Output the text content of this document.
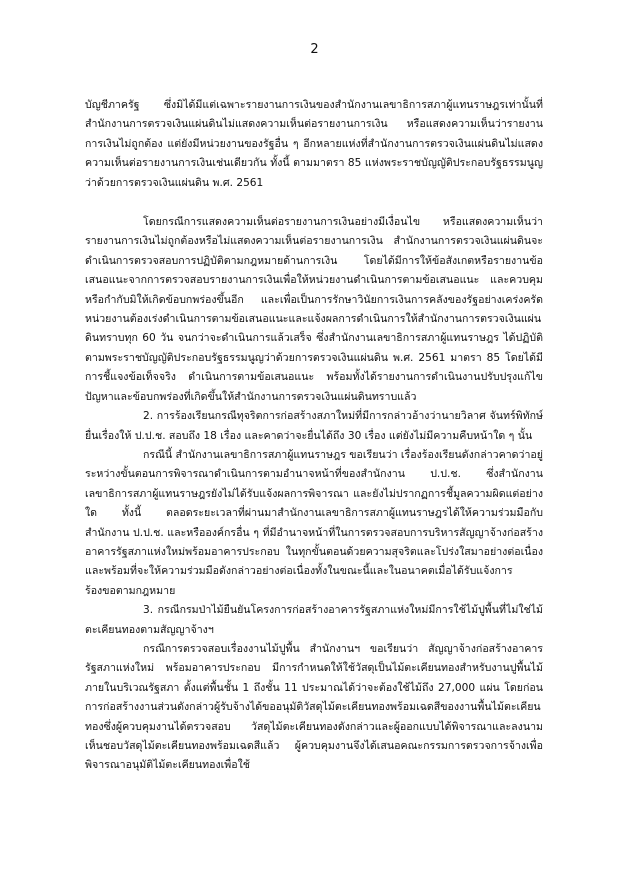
2

บัญชีภาครัฐ ซึ่งมิได้มีแต่เฉพาะรายงานการเงินของสำนักงานเลขาธิการสภาผู้แทนราษฎรเท่านั้นที่สำนักงานการตรวจเงินแผ่นดินไม่แสดงความเห็นต่อรายงานการเงิน หรือแสดงความเห็นว่ารายงานการเงินไม่ถูกต้อง แต่ยังมีหน่วยงานของรัฐอื่น ๆ อีกหลายแห่งที่สำนักงานการตรวจเงินแผ่นดินไม่แสดงความเห็นต่อรายงานการเงินเช่นเดียวกัน ทั้งนี้ ตามมาตรา 85 แห่งพระราชบัญญัติประกอบรัฐธรรมนูญว่าด้วยการตรวจเงินแผ่นดิน พ.ศ. 2561

โดยกรณีการแสดงความเห็นต่อรายงานการเงินอย่างมีเงื่อนไข หรือแสดงความเห็นว่ารายงานการเงินไม่ถูกต้องหรือไม่แสดงความเห็นต่อรายงานการเงิน สำนักงานการตรวจเงินแผ่นดินจะดำเนินการตรวจสอบการปฏิบัติตามกฎหมายด้านการเงิน โดยได้มีการให้ข้อสังเกตหรือรายงานข้อเสนอแนะจากการตรวจสอบรายงานการเงินเพื่อให้หน่วยงานดำเนินการตามข้อเสนอแนะ และควบคุมหรือกำกับมิให้เกิดข้อบกพร่องขึ้นอีก และเพื่อเป็นการรักษาวินัยการเงินการคลังของรัฐอย่างเคร่งครัด หน่วยงานต้องเร่งดำเนินการตามข้อเสนอแนะและแจ้งผลการดำเนินการให้สำนักงานการตรวจเงินแผ่นดินทราบทุก 60 วัน จนกว่าจะดำเนินการแล้วเสร็จ ซึ่งสำนักงานเลขาธิการสภาผู้แทนราษฎร ได้ปฏิบัติตามพระราชบัญญัติประกอบรัฐธรรมนูญว่าด้วยการตรวจเงินแผ่นดิน พ.ศ. 2561 มาตรา 85 โดยได้มีการชี้แจงข้อเท็จจริง ดำเนินการตามข้อเสนอแนะ พร้อมทั้งได้รายงานการดำเนินงานปรับปรุงแก้ไขปัญหาและข้อบกพร่องที่เกิดขึ้นให้สำนักงานการตรวจเงินแผ่นดินทราบแล้ว

2. การร้องเรียนกรณีทุจริตการก่อสร้างสภาใหม่ที่มีการกล่าวอ้างว่านายวิลาศ จันทร์พิทักษ์ ยื่นเรื่องให้ ป.ป.ช. สอบถึง 18 เรื่อง และคาดว่าจะยื่นได้ถึง 30 เรื่อง แต่ยังไม่มีความคืบหน้าใด ๆ นั้น

กรณีนี้ สำนักงานเลขาธิการสภาผู้แทนราษฎร ขอเรียนว่า เรื่องร้องเรียนดังกล่าวคาดว่าอยู่ระหว่างขั้นตอนการพิจารณาดำเนินการตามอำนาจหน้าที่ของสำนักงาน ป.ป.ช. ซึ่งสำนักงานเลขาธิการสภาผู้แทนราษฎรยังไม่ได้รับแจ้งผลการพิจารณา และยังไม่ปรากฏการชี้มูลความผิดแต่อย่างใด ทั้งนี้ ตลอดระยะเวลาที่ผ่านมาสำนักงานเลขาธิการสภาผู้แทนราษฎรได้ให้ความร่วมมือกับสำนักงาน ป.ป.ช. และหรือองค์กรอื่น ๆ ที่มีอำนาจหน้าที่ในการตรวจสอบการบริหารสัญญาจ้างก่อสร้างอาคารรัฐสภาแห่งใหม่พร้อมอาคารประกอบ ในทุกขั้นตอนด้วยความสุจริตและโปร่งใสมาอย่างต่อเนื่อง และพร้อมที่จะให้ความร่วมมือดังกล่าวอย่างต่อเนื่องทั้งในขณะนี้และในอนาคตเมื่อได้รับแจ้งการร้องขอตามกฎหมาย

3. กรณีกรมป่าไม้ยืนยันโครงการก่อสร้างอาคารรัฐสภาแห่งใหม่มีการใช้ไม้ปูพื้นที่ไม่ใช่ไม้ตะเคียนทองตามสัญญาจ้างฯ

กรณีการตรวจสอบเรื่องงานไม้ปูพื้น สำนักงานฯ ขอเรียนว่า สัญญาจ้างก่อสร้างอาคารรัฐสภาแห่งใหม่ พร้อมอาคารประกอบ มีการกำหนดให้ใช้วัสดุเป็นไม้ตะเคียนทองสำหรับงานปูพื้นไม้ภายในบริเวณรัฐสภา ตั้งแต่พื้นชั้น 1 ถึงชั้น 11 ประมาณได้ว่าจะต้องใช้ไม้ถึง 27,000 แผ่น โดยก่อนการก่อสร้างงานส่วนดังกล่าวผู้รับจ้างได้ขออนุมัติวัสดุไม้ตะเคียนทองพร้อมเฉดสีของงานพื้นไม้ตะเคียนทองซึ่งผู้ควบคุมงานได้ตรวจสอบ วัสดุไม้ตะเคียนทองดังกล่าวและผู้ออกแบบได้พิจารณาและลงนามเห็นชอบวัสดุไม้ตะเคียนทองพร้อมเฉดสีแล้ว ผู้ควบคุมงานจึงได้เสนอคณะกรรมการตรวจการจ้างเพื่อพิจารณาอนุมัติไม้ตะเคียนทองเพื่อใช้
